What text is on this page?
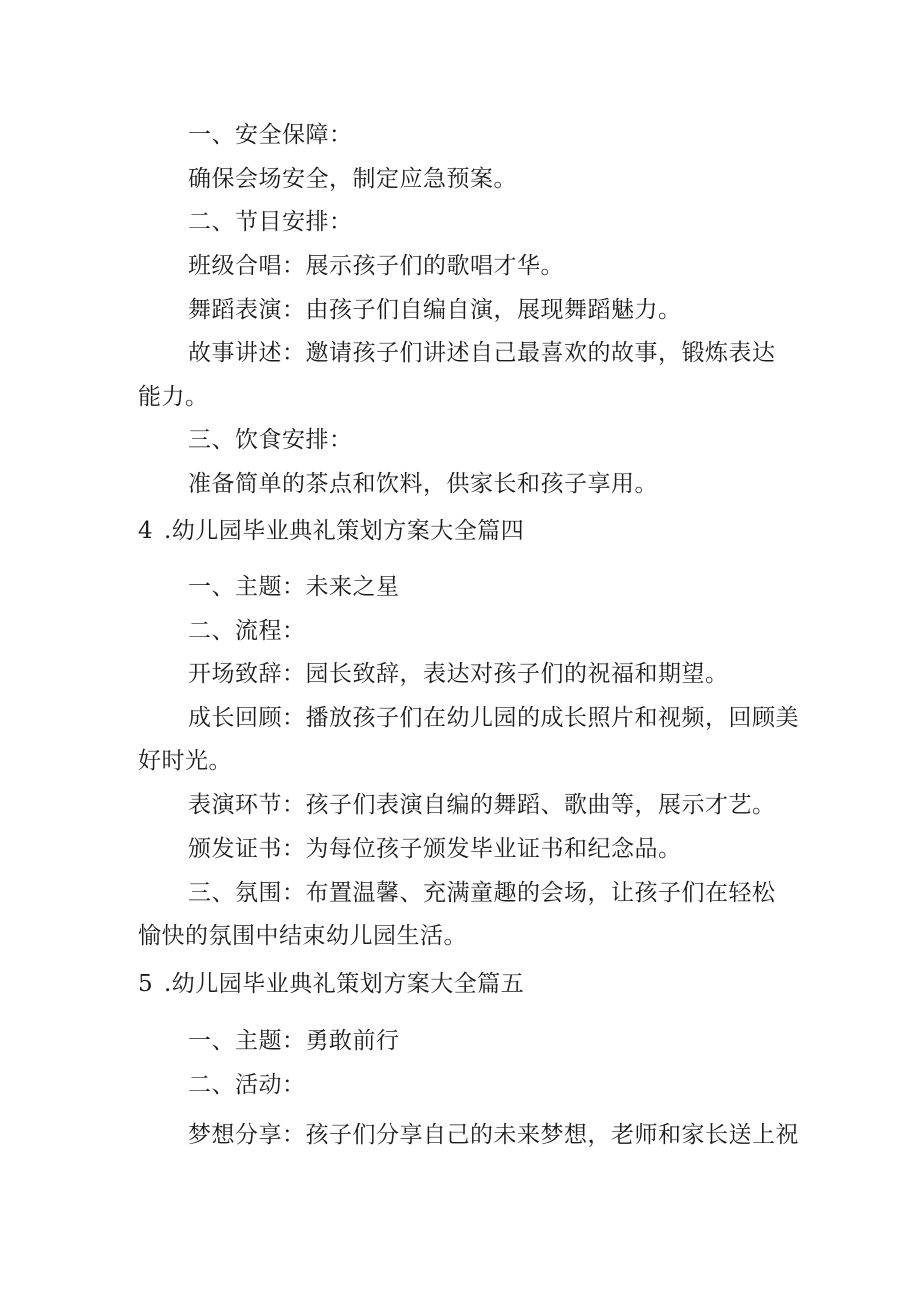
一、安全保障：
确保会场安全，制定应急预案。
二、节目安排：
班级合唱：展示孩子们的歌唱才华。
舞蹈表演：由孩子们自编自演，展现舞蹈魅力。
故事讲述：邀请孩子们讲述自己最喜欢的故事，锻炼表达
能力。
三、饮食安排：
准备简单的茶点和饮料，供家长和孩子享用。
4 .幼儿园毕业典礼策划方案大全篇四
一、主题：未来之星
二、流程：
开场致辞：园长致辞，表达对孩子们的祝福和期望。
成长回顾：播放孩子们在幼儿园的成长照片和视频，回顾美
好时光。
表演环节：孩子们表演自编的舞蹈、歌曲等，展示才艺。
颁发证书：为每位孩子颁发毕业证书和纪念品。
三、氛围：布置温馨、充满童趣的会场，让孩子们在轻松
愉快的氛围中结束幼儿园生活。
5 .幼儿园毕业典礼策划方案大全篇五
一、主题：勇敢前行
二、活动：
梦想分享：孩子们分享自己的未来梦想，老师和家长送上祝
